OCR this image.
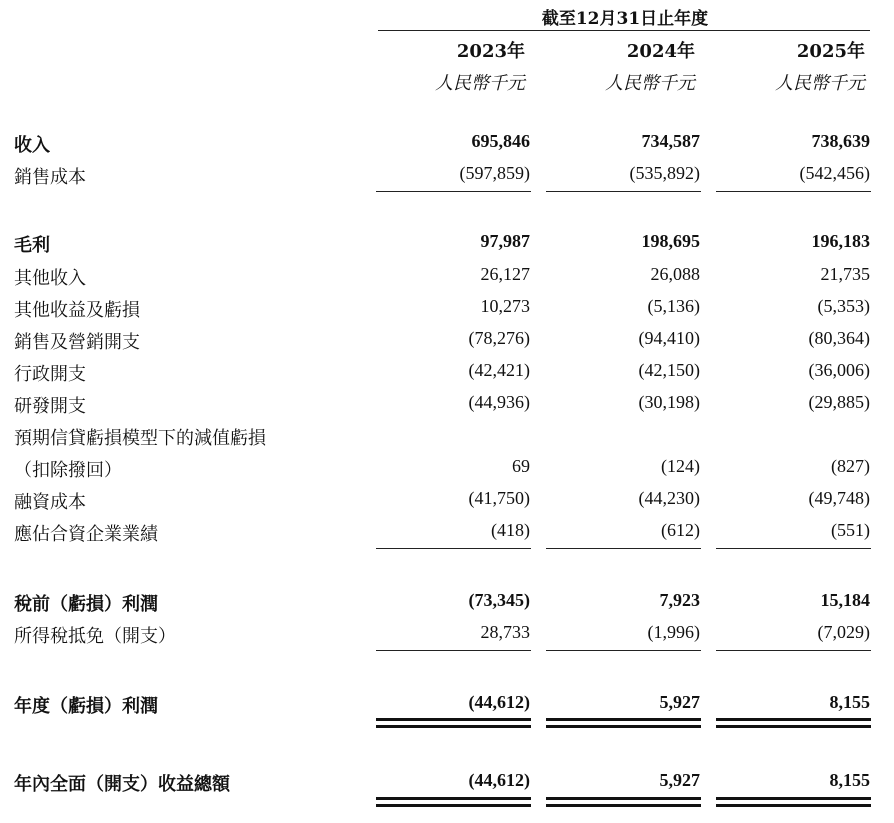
截至12月31日止年度
2023年	2024年	2025年
人民幣千元	人民幣千元	人民幣千元
收入	695,846	734,587	738,639
銷售成本	(597,859)	(535,892)	(542,456)
毛利	97,987	198,695	196,183
其他收入	26,127	26,088	21,735
其他收益及虧損	10,273	(5,136)	(5,353)
銷售及營銷開支	(78,276)	(94,410)	(80,364)
行政開支	(42,421)	(42,150)	(36,006)
研發開支	(44,936)	(30,198)	(29,885)
預期信貸虧損模型下的減值虧損
（扣除撥回）	69	(124)	(827)
融資成本	(41,750)	(44,230)	(49,748)
應佔合資企業業績	(418)	(612)	(551)
稅前（虧損）利潤	(73,345)	7,923	15,184
所得稅抵免（開支）	28,733	(1,996)	(7,029)
年度（虧損）利潤	(44,612)	5,927	8,155
年內全面（開支）收益總額	(44,612)	5,927	8,155
